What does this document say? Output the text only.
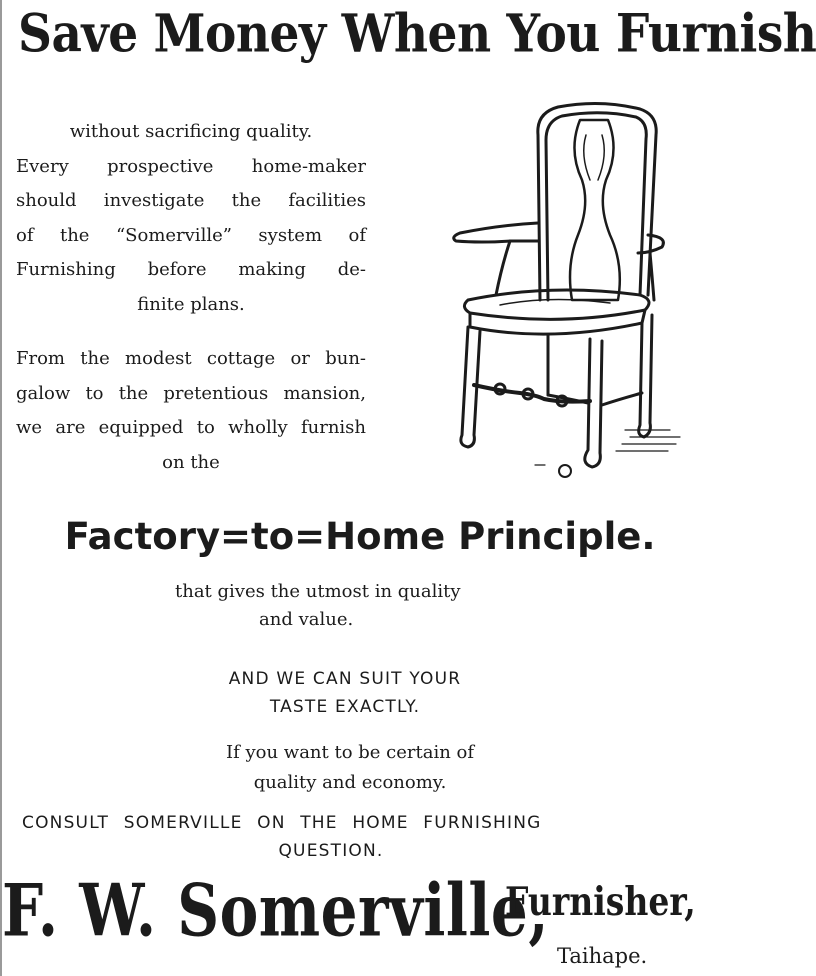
Save Money When You Furnish
without sacrificing quality.
Every prospective home-maker
should investigate the facilities
of the “Somerville” system of
Furnishing before making de-
finite plans.
From the modest cottage or bun-
galow to the pretentious mansion,
we are equipped to wholly furnish
on the
Factory=to=Home Principle.
that gives the utmost in quality
and value.
AND WE CAN SUIT YOUR
TASTE EXACTLY.
If you want to be certain of
quality and economy.
CONSULT SOMERVILLE ON THE HOME FURNISHING
QUESTION.
F. W. Somerville,
Furnisher,
Taihape.
